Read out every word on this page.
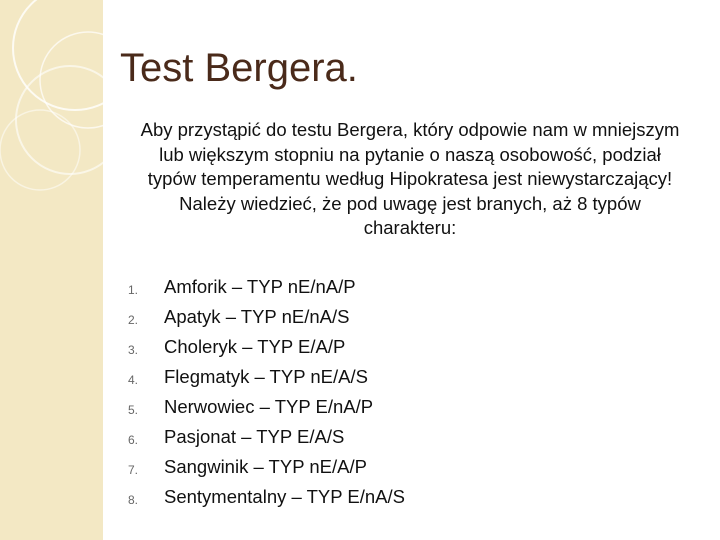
Test Bergera.
Aby przystąpić do testu Bergera, który odpowie nam w mniejszym lub większym stopniu na pytanie o naszą osobowość, podział typów temperamentu według Hipokratesa jest niewystarczający! Należy wiedzieć, że pod uwagę jest branych, aż 8 typów charakteru:
1.	Amforik – TYP nE/nA/P
2.	Apatyk – TYP nE/nA/S
3.	Choleryk – TYP E/A/P
4.	Flegmatyk – TYP nE/A/S
5.	Nerwowiec – TYP E/nA/P
6.	Pasjonat – TYP E/A/S
7.	Sangwinik – TYP nE/A/P
8.	Sentymentalny – TYP E/nA/S
